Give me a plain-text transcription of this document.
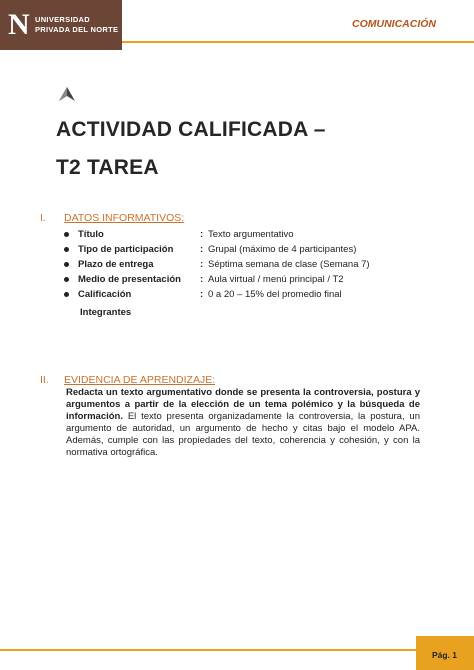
N UNIVERSIDAD
PRIVADA DEL NORTE	COMUNICACIÓN
ACTIVIDAD CALIFICADA –
T2 TAREA
I. DATOS INFORMATIVOS:
Título	: Texto argumentativo
Tipo de participación	: Grupal (máximo de 4 participantes)
Plazo de entrega	: Séptima semana de clase (Semana 7)
Medio de presentación : Aula virtual / menú principal / T2
Calificación	: 0 a 20 – 15% del promedio final
Integrantes
II. EVIDENCIA DE APRENDIZAJE:
Redacta un texto argumentativo donde se presenta la controversia, postura y argumentos a partir de la elección de un tema polémico y la búsqueda de información. El texto presenta organizadamente la controversia, la postura, un argumento de autoridad, un argumento de hecho y citas bajo el modelo APA. Además, cumple con las propiedades del texto, coherencia y cohesión, y con la normativa ortográfica.
Pág. 1
